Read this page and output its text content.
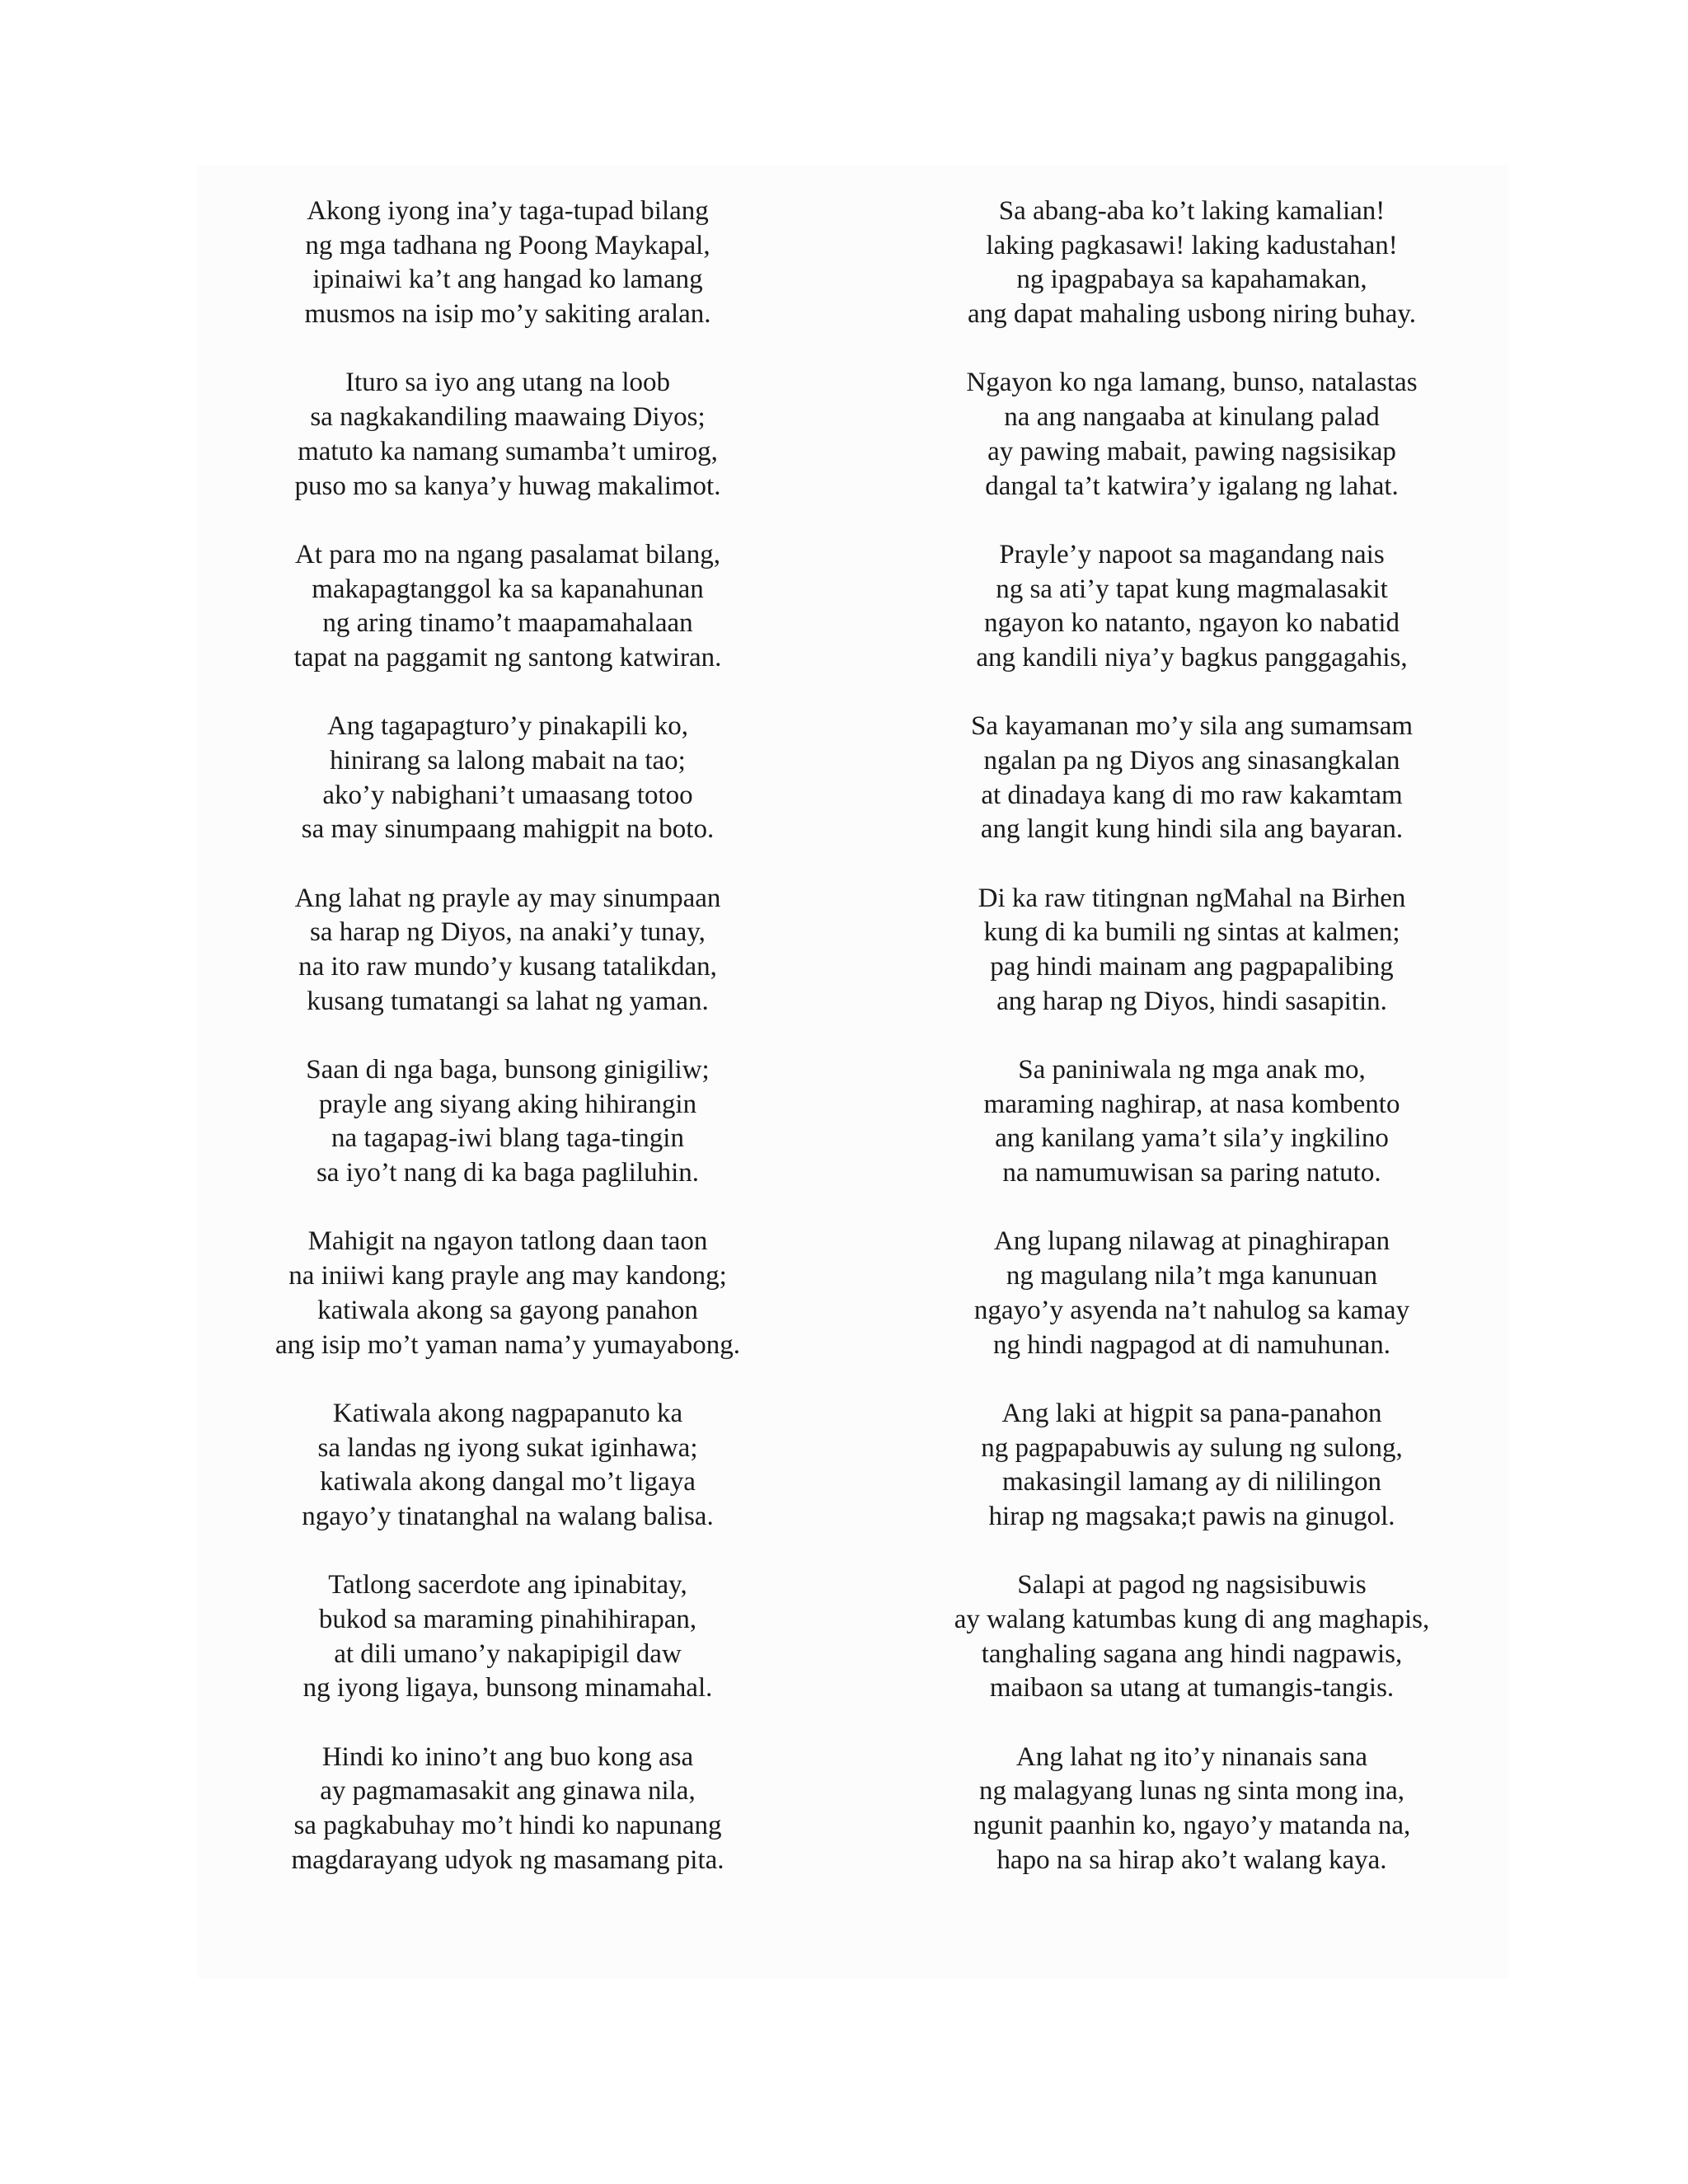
Akong iyong ina’y taga-tupad bilang
ng mga tadhana ng Poong Maykapal,
ipinaiwi ka’t ang hangad ko lamang
musmos na isip mo’y sakiting aralan.
Ituro sa iyo ang utang na loob
sa nagkakandiling maawaing Diyos;
matuto ka namang sumamba’t umirog,
puso mo sa kanya’y huwag makalimot.
At para mo na ngang pasalamat bilang,
makapagtanggol ka sa kapanahunan
ng aring tinamo’t maapamahalaan
tapat na paggamit ng santong katwiran.
Ang tagapagturo’y pinakapili ko,
hinirang sa lalong mabait na tao;
ako’y nabighani’t umaasang totoo
sa may sinumpaang mahigpit na boto.
Ang lahat ng prayle ay may sinumpaan
sa harap ng Diyos, na anaki’y tunay,
na ito raw mundo’y kusang tatalikdan,
kusang tumatangi sa lahat ng yaman.
Saan di nga baga, bunsong ginigiliw;
prayle ang siyang aking hihirangin
na tagapag-iwi blang taga-tingin
sa iyo’t nang di ka baga pagliluhin.
Mahigit na ngayon tatlong daan taon
na iniiwi kang prayle ang may kandong;
katiwala akong sa gayong panahon
ang isip mo’t yaman nama’y yumayabong.
Katiwala akong nagpapanuto ka
sa landas ng iyong sukat iginhawa;
katiwala akong dangal mo’t ligaya
ngayo’y tinatanghal na walang balisa.
Tatlong sacerdote ang ipinabitay,
bukod sa maraming pinahihirapan,
at dili umano’y nakapipigil daw
ng iyong ligaya, bunsong minamahal.
Hindi ko inino’t ang buo kong asa
ay pagmamasakit ang ginawa nila,
sa pagkabuhay mo’t hindi ko napunang
magdarayang udyok ng masamang pita.
Sa abang-aba ko’t laking kamalian!
laking pagkasawi! laking kadustahan!
ng ipagpabaya sa kapahamakan,
ang dapat mahaling usbong niring buhay.
Ngayon ko nga lamang, bunso, natalastas
na ang nangaaba at kinulang palad
ay pawing mabait, pawing nagsisikap
dangal ta’t katwira’y igalang ng lahat.
Prayle’y napoot sa magandang nais
ng sa ati’y tapat kung magmalasakit
ngayon ko natanto, ngayon ko nabatid
ang kandili niya’y bagkus panggagahis,
Sa kayamanan mo’y sila ang sumamsam
ngalan pa ng Diyos ang sinasangkalan
at dinadaya kang di mo raw kakamtam
ang langit kung hindi sila ang bayaran.
Di ka raw titingnan ngMahal na Birhen
kung di ka bumili ng sintas at kalmen;
pag hindi mainam ang pagpapalibing
ang harap ng Diyos, hindi sasapitin.
Sa paniniwala ng mga anak mo,
maraming naghirap, at nasa kombento
ang kanilang yama’t sila’y ingkilino
na namumuwisan sa paring natuto.
Ang lupang nilawag at pinaghirapan
ng magulang nila’t mga kanunuan
ngayo’y asyenda na’t nahulog sa kamay
ng hindi nagpagod at di namuhunan.
Ang laki at higpit sa pana-panahon
ng pagpapabuwis ay sulung ng sulong,
makasingil lamang ay di nililingon
hirap ng magsaka;t pawis na ginugol.
Salapi at pagod ng nagsisibuwis
ay walang katumbas kung di ang maghapis,
tanghaling sagana ang hindi nagpawis,
maibaon sa utang at tumangis-tangis.
Ang lahat ng ito’y ninanais sana
ng malagyang lunas ng sinta mong ina,
ngunit paanhin ko, ngayo’y matanda na,
hapo na sa hirap ako’t walang kaya.
